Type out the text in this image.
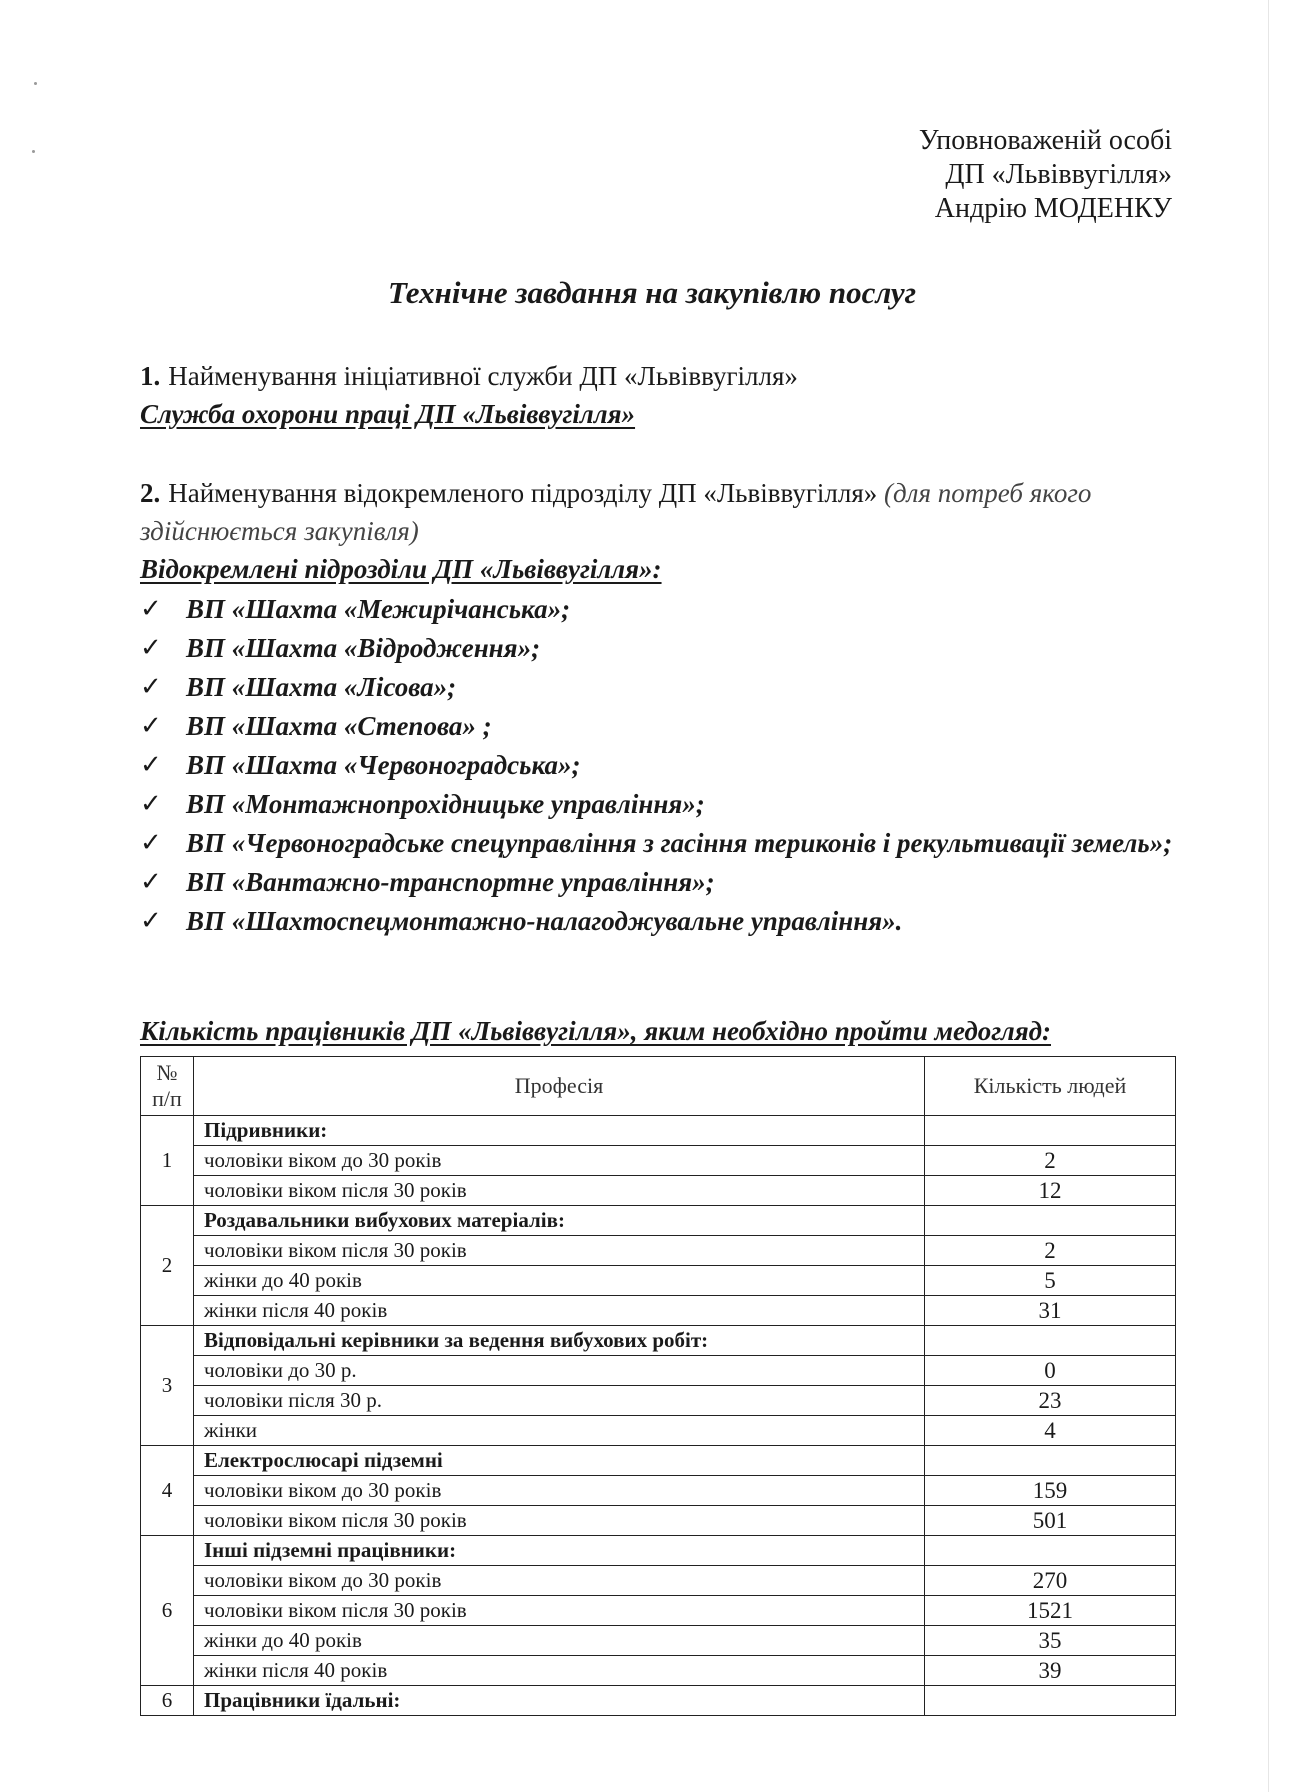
Уповноваженій особі
ДП «Львіввугілля»
Андрію МОДЕНКУ
Технічне завдання на закупівлю послуг
1. Найменування ініціативної служби ДП «Львіввугілля»
Служба охорони праці ДП «Львіввугілля»
2. Найменування відокремленого підрозділу ДП «Львіввугілля» (для потреб якого здійснюється закупівля)
Відокремлені підрозділи ДП «Львіввугілля»:
✓ ВП «Шахта «Межирічанська»;
✓ ВП «Шахта «Відродження»;
✓ ВП «Шахта «Лісова»;
✓ ВП «Шахта «Степова» ;
✓ ВП «Шахта «Червоноградська»;
✓ ВП «Монтажнопрохідницьке управління»;
✓ ВП «Червоноградське спецуправління з гасіння териконів і рекультивації земель»;
✓ ВП «Вантажно-транспортне управління»;
✓ ВП «Шахтоспецмонтажно-налагоджувальне управління».
Кількість працівників ДП «Львіввугілля», яким необхідно пройти медогляд:
№
п/п	Професія	Кількість людей
1	Підривники:	
	чоловіки віком до 30 років	2
	чоловіки віком після 30 років	12
2	Роздавальники вибухових матеріалів:	
	чоловіки віком після 30 років	2
	жінки до 40 років	5
	жінки після 40 років	31
3	Відповідальні керівники за ведення вибухових робіт:	
	чоловіки до 30 р.	0
	чоловіки після 30 р.	23
	жінки	4
4	Електрослюсарі підземні	
	чоловіки віком до 30 років	159
	чоловіки віком після 30 років	501
6	Інші підземні працівники:	
	чоловіки віком до 30 років	270
	чоловіки віком після 30 років	1521
	жінки до 40 років	35
	жінки після 40 років	39
6	Працівники їдальні:	
